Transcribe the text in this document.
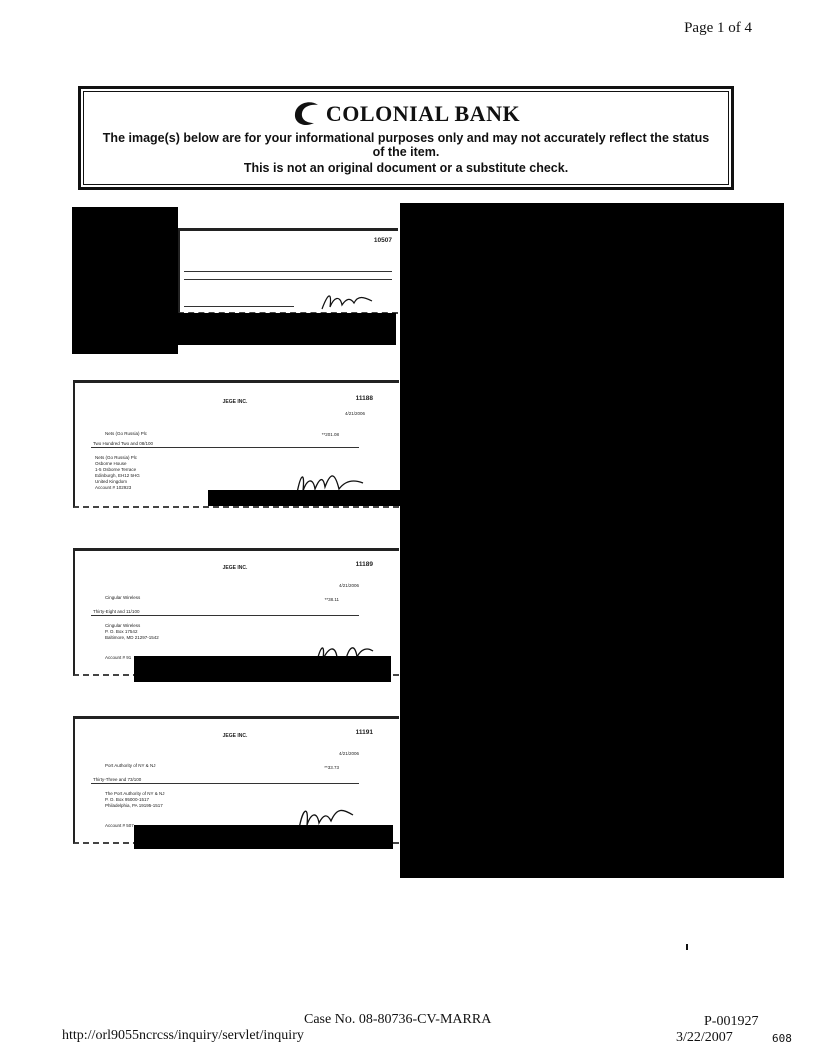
Page 1 of 4
COLONIAL BANK
The image(s) below are for your informational purposes only and may not accurately reflect the status of the item.
This is not an original document or a substitute check.
10507
JEGE INC.	11188
4/21/2006
Nets (Go Russia) Plc	**201.08
Two Hundred Two and 08/100
Nets (Go Russia) Plc
Osborne House
1-5 Osborne Terrace
Edinburgh, EH12 5HG
United Kingdom
Account # 102923
JEGE INC.	11189
4/21/2006
Cingular Wireless	**38.11
Thirty-Eight and 11/100
Cingular Wireless
P. O. Box 17542
Baltimore, MD 21297-1542
Account # 91
JEGE INC.	11191
4/21/2006
Port Authority of NY & NJ	**33.73
Thirty-Three and 73/100
The Port Authority of NY & NJ
P. O. Box 95000-1517
Philadelphia, PA 19195-1517
Account # 507
Case No. 08-80736-CV-MARRA
http://orl9055ncrcss/inquiry/servlet/inquiry
P-001927
3/22/2007	608
